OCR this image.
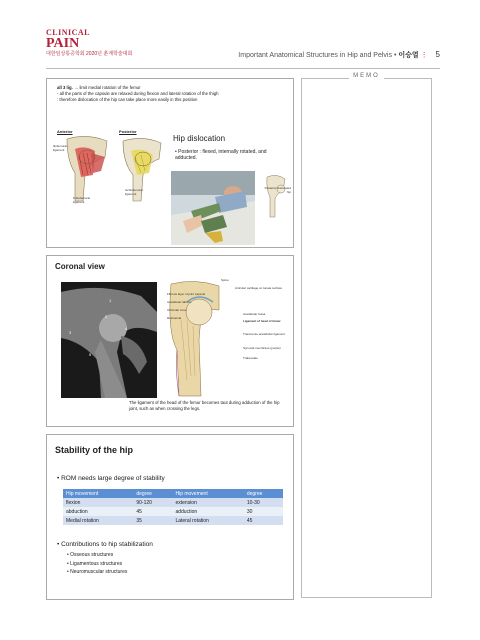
CLINICAL
PAIN
대한임상통증학회 2020년 춘계학술대회	Important Anatomical Structures in Hip and Pelvis • 이승열 ⋮ 5
all 3 lig. → limit medial rotation of the femur
- all the parts of the capsule are relaxed during flexion and lateral rotation of the thigh
: therefore dislocation of the hip can take place more easily in this position
Anterior	Posterior
Iliofemoral ligament
Pubofemoral ligament
Ischiofemoral ligament
Hip dislocation
• Posterior : flexed, internally rotated, and adducted.
Posterior dislocated hip
Coronal view
1
2
3
4
5
Spine
Articular cartilage on lunate surface
Fibrous layer of joint capsule
Acetabular labrum
Orbicular zone
Retinacula
Acetabular fossa
Ligament of head of femur
Transverse acetabular ligament
Synovial membrane (purple)
Trabeculae
The ligament of the head of the femur becomes taut during adduction of the hip joint, such as when crossing the legs.
Stability of the hip
• ROM needs large degree of stability
Hip movement	degree	Hip movement	degree
flexion	90-120	extension	10-30
abduction	45	adduction	30
Medial rotation	35	Lateral rotation	45
• Contributions to hip stabilization
• Osseous structures
• Ligamentous structures
• Neuromuscular structures
MEMO
